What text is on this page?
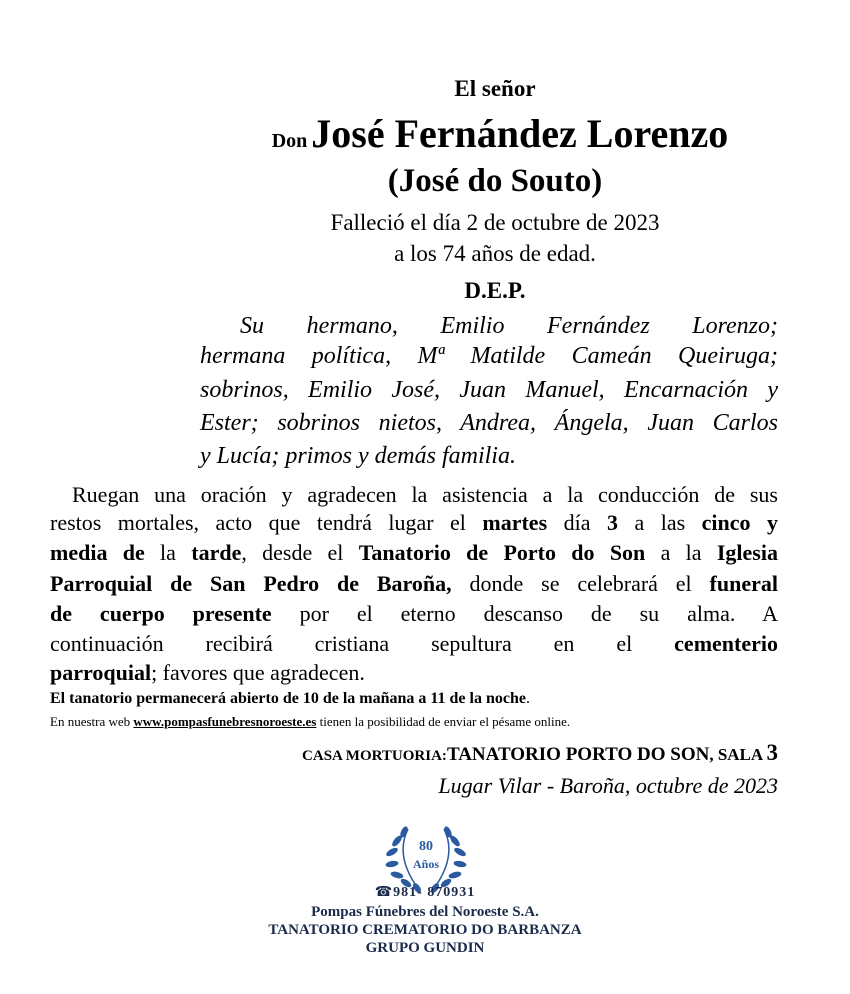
El señor
Don José Fernández Lorenzo
(José do Souto)
Falleció el día 2 de octubre de 2023
a los 74 años de edad.
D.E.P.
Su hermano, Emilio Fernández Lorenzo;
hermana política, Mª Matilde Cameán Queiruga;
sobrinos, Emilio José, Juan Manuel, Encarnación y
Ester; sobrinos nietos, Andrea, Ángela, Juan Carlos
y Lucía; primos y demás familia.
Ruegan una oración y agradecen la asistencia a la conducción de sus
restos mortales, acto que tendrá lugar el martes día 3 a las cinco y
media de la tarde, desde el Tanatorio de Porto do Son a la Iglesia
Parroquial de San Pedro de Baroña, donde se celebrará el funeral
de cuerpo presente por el eterno descanso de su alma. A
continuación recibirá cristiana sepultura en el cementerio
parroquial; favores que agradecen.
El tanatorio permanecerá abierto de 10 de la mañana a 11 de la noche.
En nuestra web www.pompasfunebresnoroeste.es tienen la posibilidad de enviar el pésame online.
CASA MORTUORIA:TANATORIO PORTO DO SON, SALA 3
Lugar Vilar - Baroña, octubre de 2023
80
Años
☎981- 870931
Pompas Fúnebres del Noroeste S.A.
TANATORIO CREMATORIO DO BARBANZA
GRUPO GUNDIN
